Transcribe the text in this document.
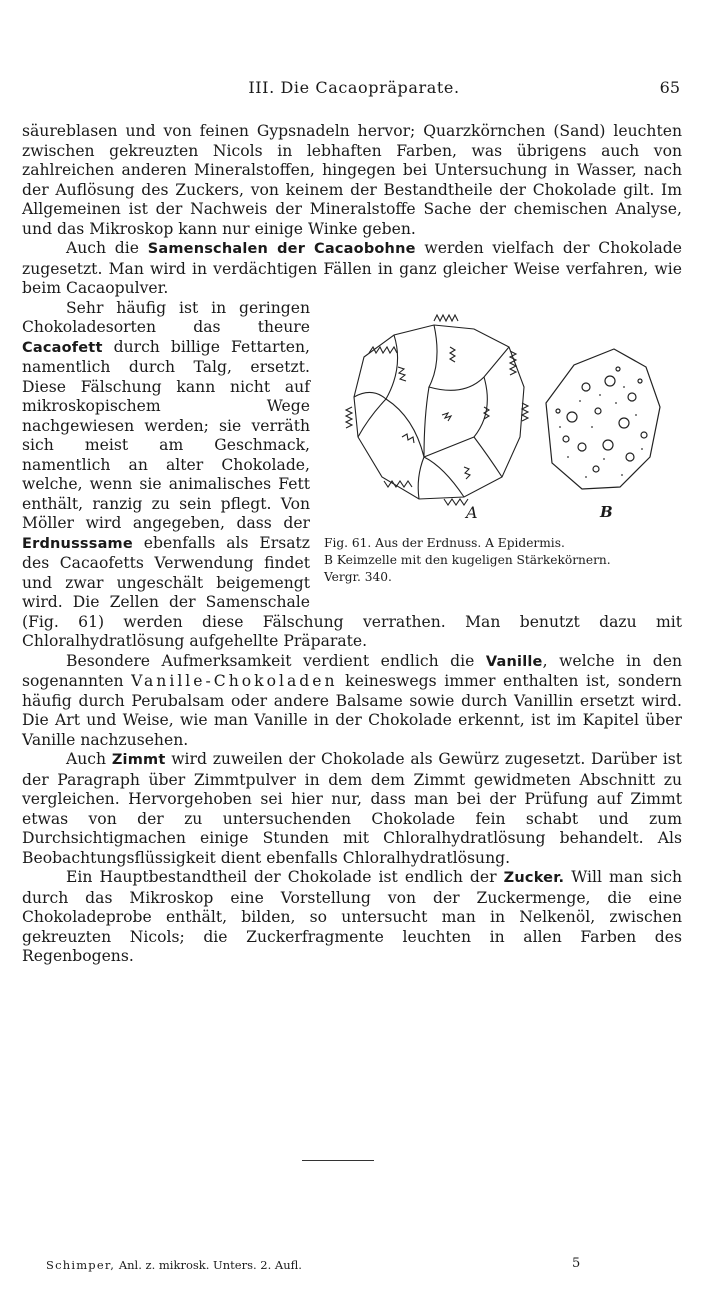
III. Die Cacaopräparate.	65

säureblasen und von feinen Gypsnadeln hervor; Quarzkörnchen (Sand) leuchten zwischen gekreuzten Nicols in lebhaften Farben, was übrigens auch von zahlreichen anderen Mineralstoffen, hingegen bei Untersuchung in Wasser, nach der Auflösung des Zuckers, von keinem der Bestandtheile der Chokolade gilt. Im Allgemeinen ist der Nachweis der Mineralstoffe Sache der chemischen Analyse, und das Mikroskop kann nur einige Winke geben.

Auch die Samenschalen der Cacaobohne werden vielfach der Chokolade zugesetzt. Man wird in verdächtigen Fällen in ganz gleicher Weise verfahren, wie beim Cacaopulver.

A	B
Fig. 61. Aus der Erdnuss. A Epidermis.
B Keimzelle mit den kugeligen Stärkekörnern.
Vergr. 340.

Sehr häufig ist in geringen Chokoladesorten das theure Cacaofett durch billige Fettarten, namentlich durch Talg, ersetzt. Diese Fälschung kann nicht auf mikroskopischem Wege nachgewiesen werden; sie verräth sich meist am Geschmack, namentlich an alter Chokolade, welche, wenn sie animalisches Fett enthält, ranzig zu sein pflegt. Von Möller wird angegeben, dass der Erdnusssame ebenfalls als Ersatz des Cacaofetts Verwendung findet und zwar ungeschält beigemengt wird. Die Zellen der Samenschale (Fig. 61) werden diese Fälschung verrathen. Man benutzt dazu mit Chloralhydratlösung aufgehellte Präparate.

Besondere Aufmerksamkeit verdient endlich die Vanille, welche in den sogenannten Vanille-Chokoladen keineswegs immer enthalten ist, sondern häufig durch Perubalsam oder andere Balsame sowie durch Vanillin ersetzt wird. Die Art und Weise, wie man Vanille in der Chokolade erkennt, ist im Kapitel über Vanille nachzusehen.

Auch Zimmt wird zuweilen der Chokolade als Gewürz zugesetzt. Darüber ist der Paragraph über Zimmtpulver in dem dem Zimmt gewidmeten Abschnitt zu vergleichen. Hervorgehoben sei hier nur, dass man bei der Prüfung auf Zimmt etwas von der zu untersuchenden Chokolade fein schabt und zum Durchsichtigmachen einige Stunden mit Chloralhydratlösung behandelt. Als Beobachtungsflüssigkeit dient ebenfalls Chloralhydratlösung.

Ein Hauptbestandtheil der Chokolade ist endlich der Zucker. Will man sich durch das Mikroskop eine Vorstellung von der Zuckermenge, die eine Chokoladeprobe enthält, bilden, so untersucht man in Nelkenöl, zwischen gekreuzten Nicols; die Zuckerfragmente leuchten in allen Farben des Regenbogens.

Schimper, Anl. z. mikrosk. Unters. 2. Aufl.	5
